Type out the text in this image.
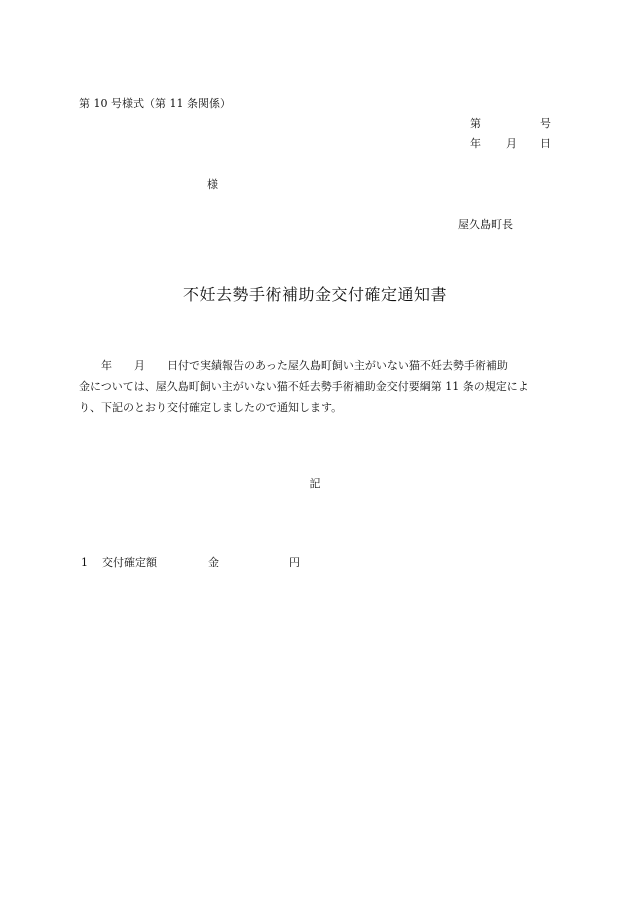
第 10 号様式（第 11 条関係）
第	号
年 月 日
様
屋久島町長
不妊去勢手術補助金交付確定通知書
　　年　　月　　日付で実績報告のあった屋久島町飼い主がいない猫不妊去勢手術補助
金については、屋久島町飼い主がいない猫不妊去勢手術補助金交付要綱第 11 条の規定によ
り、下記のとおり交付確定しましたので通知します。
記
1 交付確定額	金	円
